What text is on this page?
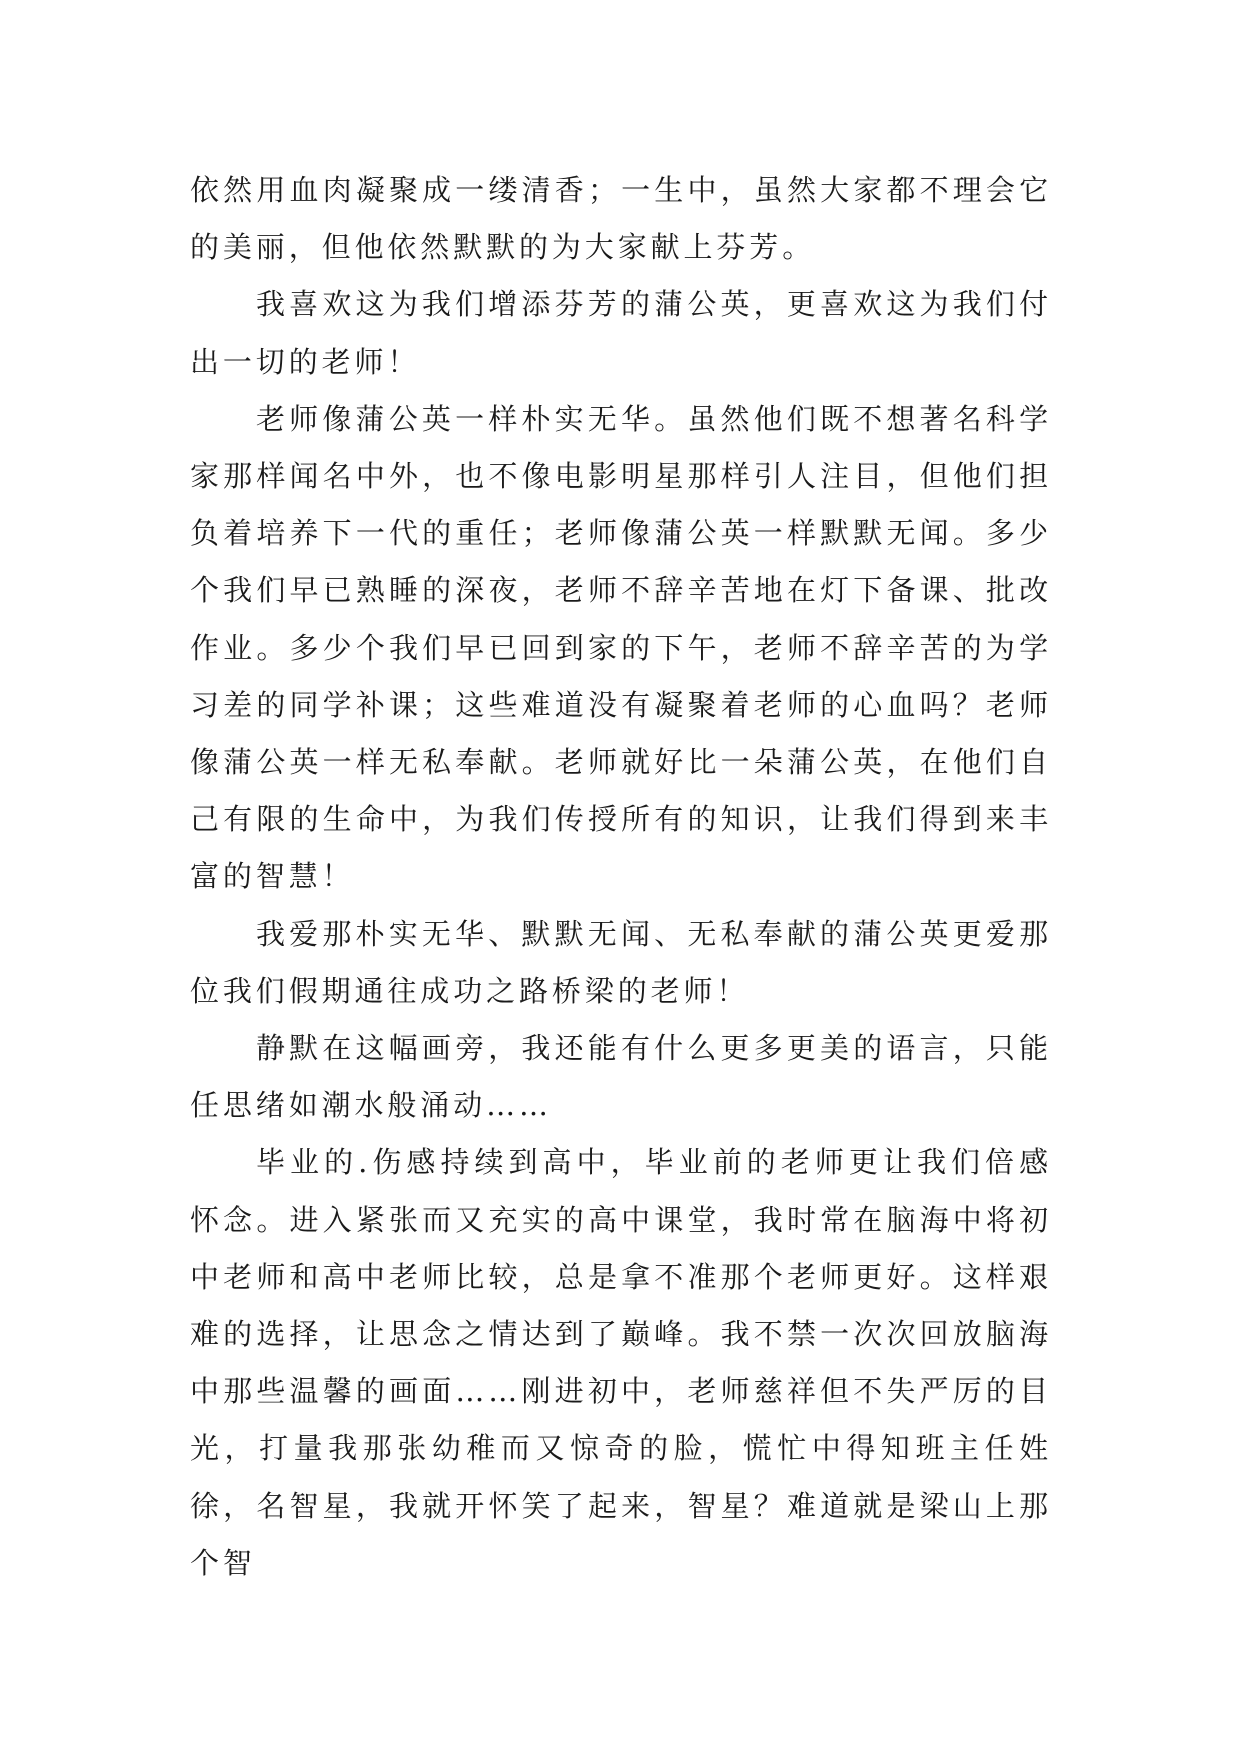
依然用血肉凝聚成一缕清香；一生中，虽然大家都不理会它的美丽，但他依然默默的为大家献上芬芳。

我喜欢这为我们增添芬芳的蒲公英，更喜欢这为我们付出一切的老师！

老师像蒲公英一样朴实无华。虽然他们既不想著名科学家那样闻名中外，也不像电影明星那样引人注目，但他们担负着培养下一代的重任；老师像蒲公英一样默默无闻。多少个我们早已熟睡的深夜，老师不辞辛苦地在灯下备课、批改作业。多少个我们早已回到家的下午，老师不辞辛苦的为学习差的同学补课；这些难道没有凝聚着老师的心血吗？老师像蒲公英一样无私奉献。老师就好比一朵蒲公英，在他们自己有限的生命中，为我们传授所有的知识，让我们得到来丰富的智慧！

我爱那朴实无华、默默无闻、无私奉献的蒲公英更爱那位我们假期通往成功之路桥梁的老师！

静默在这幅画旁，我还能有什么更多更美的语言，只能任思绪如潮水般涌动……

毕业的.伤感持续到高中，毕业前的老师更让我们倍感怀念。进入紧张而又充实的高中课堂，我时常在脑海中将初中老师和高中老师比较，总是拿不准那个老师更好。这样艰难的选择，让思念之情达到了巅峰。我不禁一次次回放脑海中那些温馨的画面……刚进初中，老师慈祥但不失严厉的目光，打量我那张幼稚而又惊奇的脸，慌忙中得知班主任姓徐，名智星，我就开怀笑了起来，智星？难道就是梁山上那个智
